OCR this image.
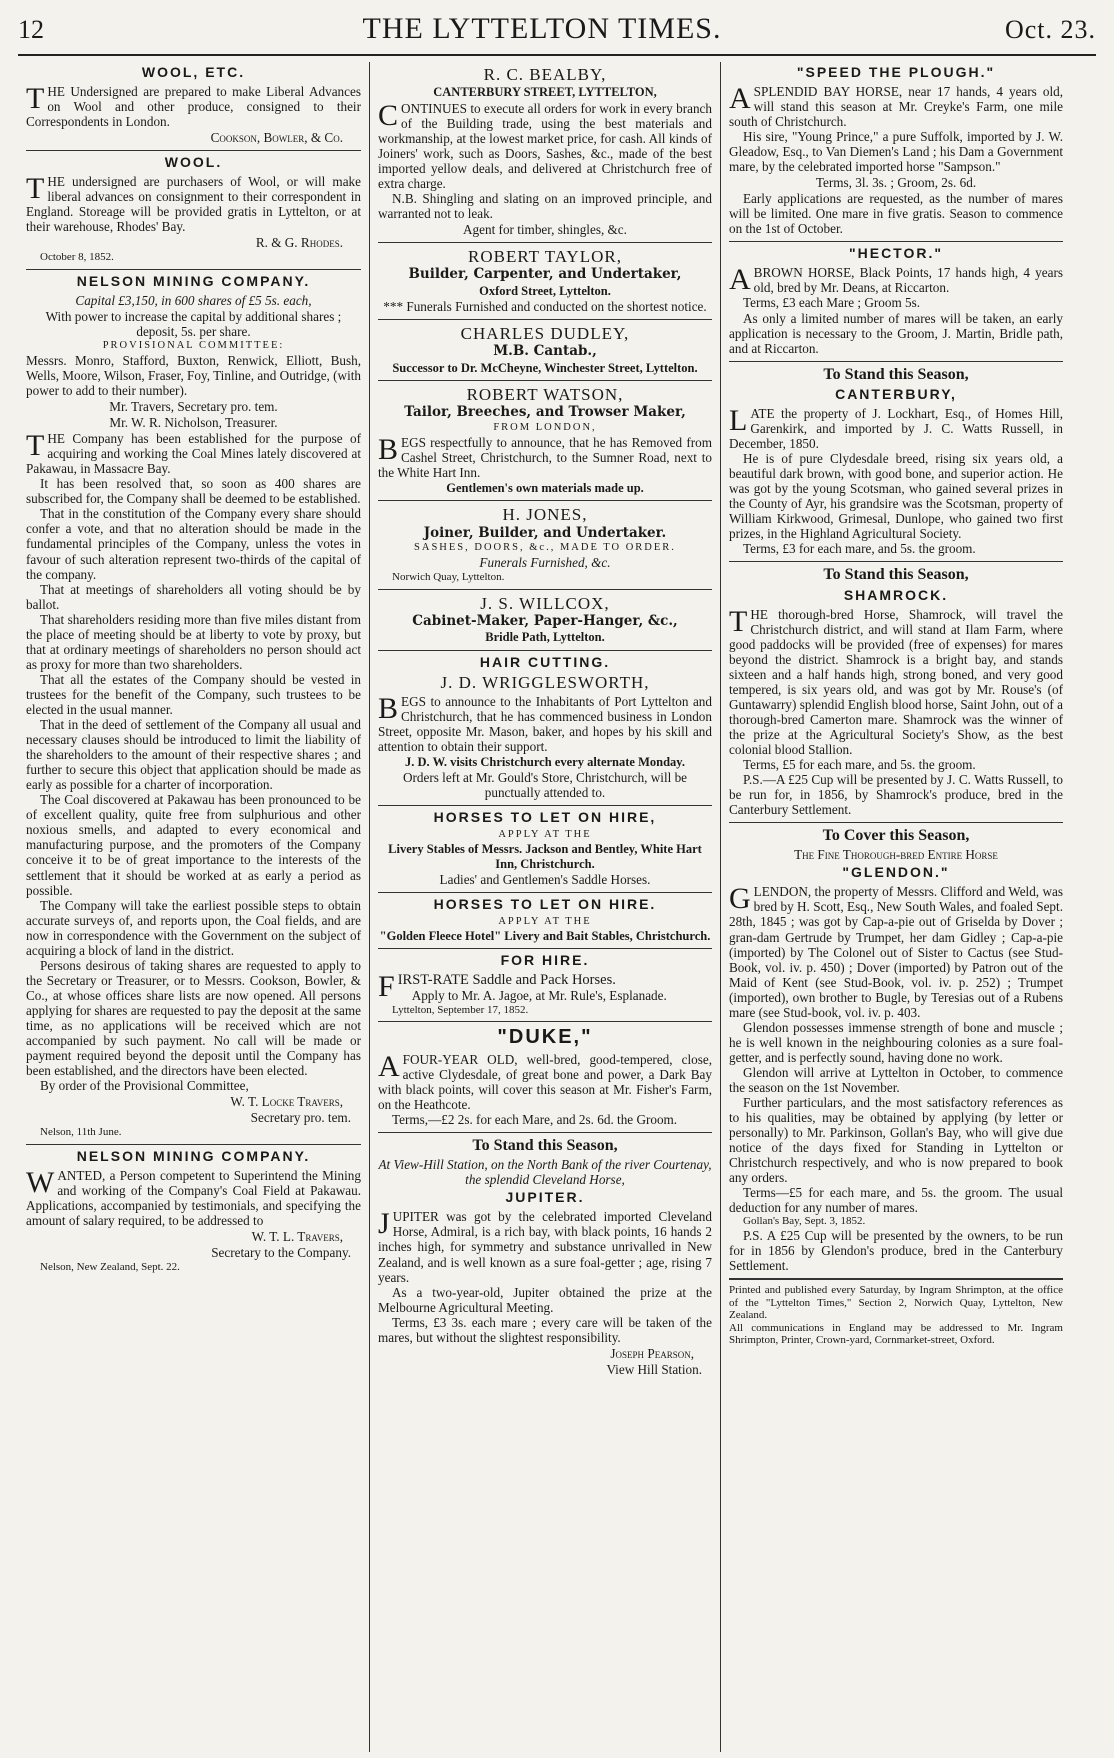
12	THE LYTTELTON TIMES.	Oct. 23.
WOOL, ETC.

THE Undersigned are prepared to make Liberal Advances on Wool and other produce, consigned to their Correspondents in London.

Cookson, Bowler, & Co.
WOOL.

THE undersigned are purchasers of Wool, or will make liberal advances on consignment to their correspondent in England. Storeage will be provided gratis in Lyttelton, or at their warehouse, Rhodes' Bay.

R. & G. Rhodes.

October 8, 1852.

NELSON MINING COMPANY.
Capital £3,150, in 600 shares of £5 5s. each,
With power to increase the capital by additional shares ; deposit, 5s. per share.
PROVISIONAL COMMITTEE:

Messrs. Monro, Stafford, Buxton, Renwick, Elliott, Bush, Wells, Moore, Wilson, Fraser, Foy, Tinline, and Outridge, (with power to add to their number).

Mr. Travers, Secretary pro. tem.
Mr. W. R. Nicholson, Treasurer.

THE Company has been established for the purpose of acquiring and working the Coal Mines lately discovered at Pakawau, in Massacre Bay.

It has been resolved that, so soon as 400 shares are subscribed for, the Company shall be deemed to be established.

That in the constitution of the Company every share should confer a vote, and that no alteration should be made in the fundamental principles of the Company, unless the votes in favour of such alteration represent two-thirds of the capital of the company.

That at meetings of shareholders all voting should be by ballot.

That shareholders residing more than five miles distant from the place of meeting should be at liberty to vote by proxy, but that at ordinary meetings of shareholders no person should act as proxy for more than two shareholders.

That all the estates of the Company should be vested in trustees for the benefit of the Company, such trustees to be elected in the usual manner.

That in the deed of settlement of the Company all usual and necessary clauses should be introduced to limit the liability of the shareholders to the amount of their respective shares ; and further to secure this object that application should be made as early as possible for a charter of incorporation.

The Coal discovered at Pakawau has been pronounced to be of excellent quality, quite free from sulphurious and other noxious smells, and adapted to every economical and manufacturing purpose, and the promoters of the Company conceive it to be of great importance to the interests of the settlement that it should be worked at as early a period as possible.

The Company will take the earliest possible steps to obtain accurate surveys of, and reports upon, the Coal fields, and are now in correspondence with the Government on the subject of acquiring a block of land in the district.

Persons desirous of taking shares are requested to apply to the Secretary or Treasurer, or to Messrs. Cookson, Bowler, & Co., at whose offices share lists are now opened. All persons applying for shares are requested to pay the deposit at the same time, as no applications will be received which are not accompanied by such payment. No call will be made or payment required beyond the deposit until the Company has been established, and the directors have been elected.

By order of the Provisional Committee,

W. T. Locke Travers,
Secretary pro. tem.

Nelson, 11th June.

NELSON MINING COMPANY.

WANTED, a Person competent to Superintend the Mining and working of the Company's Coal Field at Pakawau. Applications, accompanied by testimonials, and specifying the amount of salary required, to be addressed to

W. T. L. Travers,
Secretary to the Company.

Nelson, New Zealand, Sept. 22.

R. C. BEALBY,
CANTERBURY STREET, LYTTELTON,

CONTINUES to execute all orders for work in every branch of the Building trade, using the best materials and workmanship, at the lowest market price, for cash. All kinds of Joiners' work, such as Doors, Sashes, &c., made of the best imported yellow deals, and delivered at Christchurch free of extra charge.

N.B. Shingling and slating on an improved principle, and warranted not to leak.

Agent for timber, shingles, &c.
ROBERT TAYLOR,
Builder, Carpenter, and Undertaker,
Oxford Street, Lyttelton.
*** Funerals Furnished and conducted on the shortest notice.
CHARLES DUDLEY,
M.B. Cantab.,
Successor to Dr. McCheyne, Winchester Street, Lyttelton.
ROBERT WATSON,
Tailor, Breeches, and Trowser Maker,
FROM LONDON,

BEGS respectfully to announce, that he has Removed from Cashel Street, Christchurch, to the Sumner Road, next to the White Hart Inn.

Gentlemen's own materials made up.
H. JONES,
Joiner, Builder, and Undertaker.
SASHES, DOORS, &c., MADE TO ORDER.
Funerals Furnished, &c.

Norwich Quay, Lyttelton.

J. S. WILLCOX,
Cabinet-Maker, Paper-Hanger, &c.,
Bridle Path, Lyttelton.
HAIR CUTTING.
J. D. WRIGGLESWORTH,

BEGS to announce to the Inhabitants of Port Lyttelton and Christchurch, that he has commenced business in London Street, opposite Mr. Mason, baker, and hopes by his skill and attention to obtain their support.

J. D. W. visits Christchurch every alternate Monday.
Orders left at Mr. Gould's Store, Christchurch, will be punctually attended to.
HORSES TO LET ON HIRE,
APPLY AT THE
Livery Stables of Messrs. Jackson and Bentley, White Hart Inn, Christchurch.
Ladies' and Gentlemen's Saddle Horses.
HORSES TO LET ON HIRE.
APPLY AT THE
"Golden Fleece Hotel" Livery and Bait Stables, Christchurch.
FOR HIRE.

FIRST-RATE Saddle and Pack Horses.

Apply to Mr. A. Jagoe, at Mr. Rule's, Esplanade.

Lyttelton, September 17, 1852.

"DUKE,"

AFOUR-YEAR OLD, well-bred, good-tempered, close, active Clydesdale, of great bone and power, a Dark Bay with black points, will cover this season at Mr. Fisher's Farm, on the Heathcote.

Terms,—£2 2s. for each Mare, and 2s. 6d. the Groom.

To Stand this Season,
At View-Hill Station, on the North Bank of the river Courtenay, the splendid Cleveland Horse,
JUPITER.

JUPITER was got by the celebrated imported Cleveland Horse, Admiral, is a rich bay, with black points, 16 hands 2 inches high, for symmetry and substance unrivalled in New Zealand, and is well known as a sure foal-getter ; age, rising 7 years.

As a two-year-old, Jupiter obtained the prize at the Melbourne Agricultural Meeting.

Terms, £3 3s. each mare ; every care will be taken of the mares, but without the slightest responsibility.

Joseph Pearson,
View Hill Station.
"SPEED THE PLOUGH."

ASPLENDID BAY HORSE, near 17 hands, 4 years old, will stand this season at Mr. Creyke's Farm, one mile south of Christchurch.

His sire, "Young Prince," a pure Suffolk, imported by J. W. Gleadow, Esq., to Van Diemen's Land ; his Dam a Government mare, by the celebrated imported horse "Sampson."

Terms, 3l. 3s. ; Groom, 2s. 6d.

Early applications are requested, as the number of mares will be limited. One mare in five gratis. Season to commence on the 1st of October.

"HECTOR."

ABROWN HORSE, Black Points, 17 hands high, 4 years old, bred by Mr. Deans, at Riccarton.

Terms, £3 each Mare ; Groom 5s.

As only a limited number of mares will be taken, an early application is necessary to the Groom, J. Martin, Bridle path, and at Riccarton.

To Stand this Season,
CANTERBURY,

LATE the property of J. Lockhart, Esq., of Homes Hill, Garenkirk, and imported by J. C. Watts Russell, in December, 1850.

He is of pure Clydesdale breed, rising six years old, a beautiful dark brown, with good bone, and superior action. He was got by the young Scotsman, who gained several prizes in the County of Ayr, his grandsire was the Scotsman, property of William Kirkwood, Grimesal, Dunlope, who gained two first prizes, in the Highland Agricultural Society.

Terms, £3 for each mare, and 5s. the groom.

To Stand this Season,
SHAMROCK.

THE thorough-bred Horse, Shamrock, will travel the Christchurch district, and will stand at Ilam Farm, where good paddocks will be provided (free of expenses) for mares beyond the district. Shamrock is a bright bay, and stands sixteen and a half hands high, strong boned, and very good tempered, is six years old, and was got by Mr. Rouse's (of Guntawarry) splendid English blood horse, Saint John, out of a thorough-bred Camerton mare. Shamrock was the winner of the prize at the Agricultural Society's Show, as the best colonial blood Stallion.

Terms, £5 for each mare, and 5s. the groom.

P.S.—A £25 Cup will be presented by J. C. Watts Russell, to be run for, in 1856, by Shamrock's produce, bred in the Canterbury Settlement.

To Cover this Season,
The Fine Thorough-bred Entire Horse
"GLENDON."

GLENDON, the property of Messrs. Clifford and Weld, was bred by H. Scott, Esq., New South Wales, and foaled Sept. 28th, 1845 ; was got by Cap-a-pie out of Griselda by Dover ; gran-dam Gertrude by Trumpet, her dam Gidley ; Cap-a-pie (imported) by The Colonel out of Sister to Cactus (see Stud-Book, vol. iv. p. 450) ; Dover (imported) by Patron out of the Maid of Kent (see Stud-Book, vol. iv. p. 252) ; Trumpet (imported), own brother to Bugle, by Teresias out of a Rubens mare (see Stud-book, vol. iv. p. 403.

Glendon possesses immense strength of bone and muscle ; he is well known in the neighbouring colonies as a sure foal-getter, and is perfectly sound, having done no work.

Glendon will arrive at Lyttelton in October, to commence the season on the 1st November.

Further particulars, and the most satisfactory references as to his qualities, may be obtained by applying (by letter or personally) to Mr. Parkinson, Gollan's Bay, who will give due notice of the days fixed for Standing in Lyttelton or Christchurch respectively, and who is now prepared to book any orders.

Terms—£5 for each mare, and 5s. the groom. The usual deduction for any number of mares.

Gollan's Bay, Sept. 3, 1852.

P.S. A £25 Cup will be presented by the owners, to be run for in 1856 by Glendon's produce, bred in the Canterbury Settlement.

Printed and published every Saturday, by Ingram Shrimpton, at the office of the "Lyttelton Times," Section 2, Norwich Quay, Lyttelton, New Zealand.

All communications in England may be addressed to Mr. Ingram Shrimpton, Printer, Crown-yard, Cornmarket-street, Oxford.
